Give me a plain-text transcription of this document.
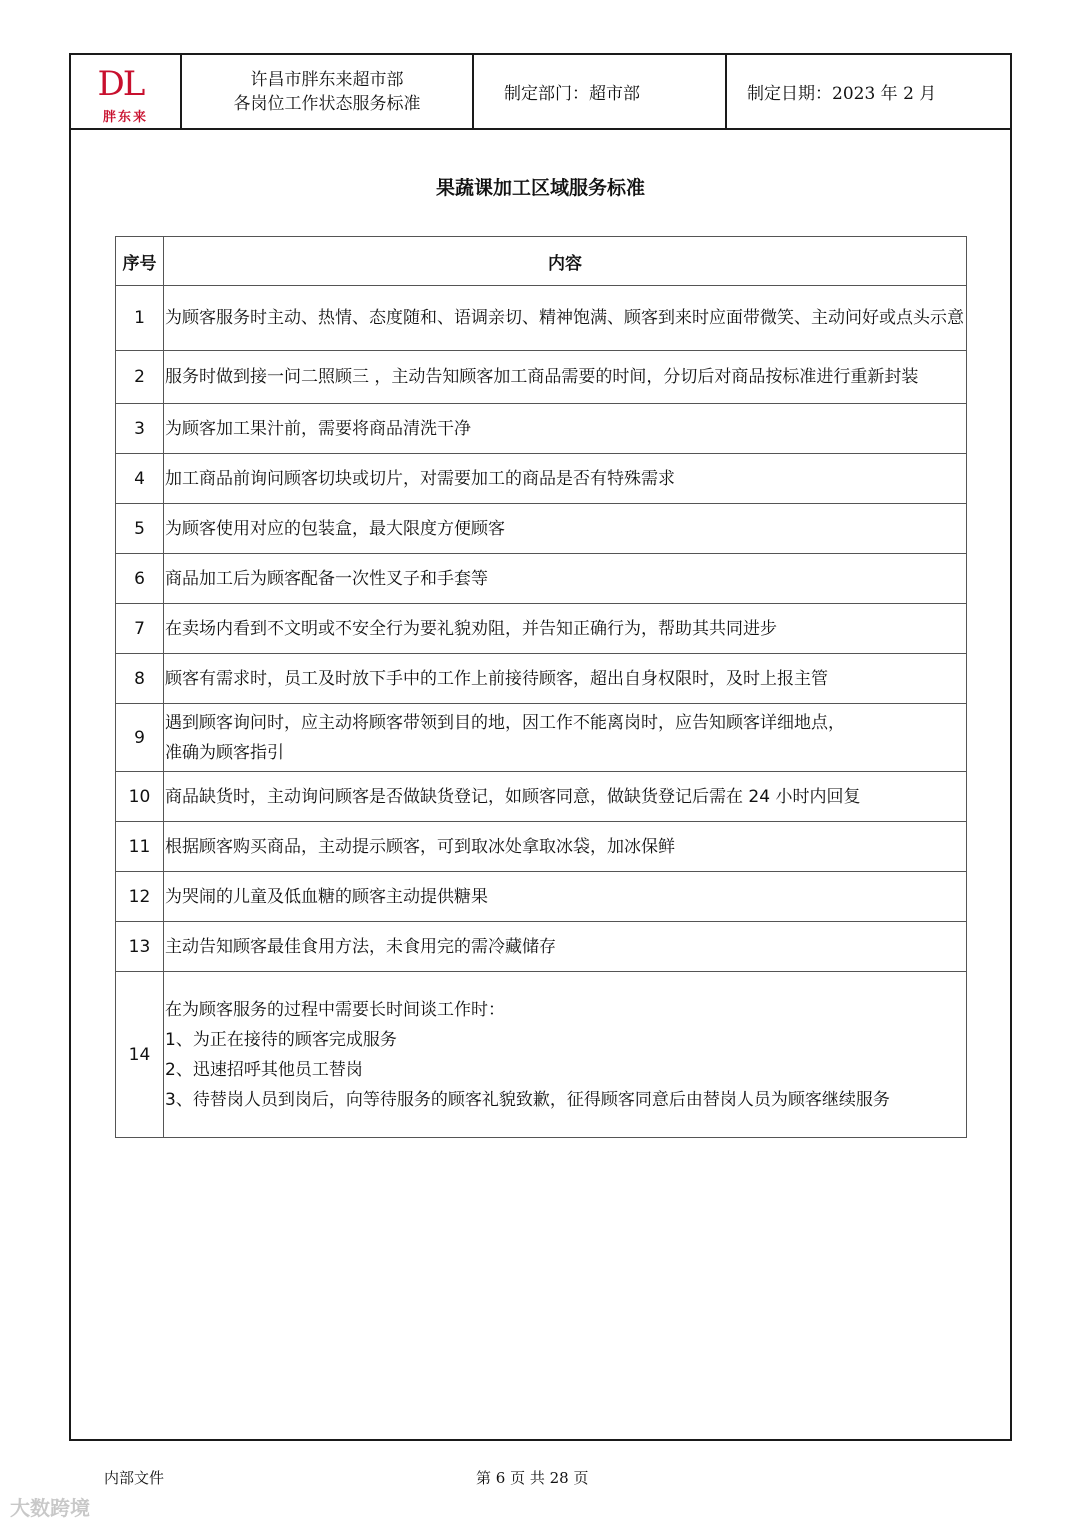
DL
胖东来
许昌市胖东来超市部
各岗位工作状态服务标准	制定部门：超市部	制定日期：2023 年 2 月
果蔬课加工区域服务标准
序号	内容
1	为顾客服务时主动、热情、态度随和、语调亲切、精神饱满、顾客到来时应面带微笑、主动问好或点头示意
2	服务时做到接一问二照顾三 ，主动告知顾客加工商品需要的时间，分切后对商品按标准进行重新封装
3	为顾客加工果汁前，需要将商品清洗干净
4	加工商品前询问顾客切块或切片，对需要加工的商品是否有特殊需求
5	为顾客使用对应的包装盒，最大限度方便顾客
6	商品加工后为顾客配备一次性叉子和手套等
7	在卖场内看到不文明或不安全行为要礼貌劝阻，并告知正确行为，帮助其共同进步
8	顾客有需求时，员工及时放下手中的工作上前接待顾客，超出自身权限时，及时上报主管
9	遇到顾客询问时，应主动将顾客带领到目的地，因工作不能离岗时，应告知顾客详细地点，
准确为顾客指引
10	商品缺货时，主动询问顾客是否做缺货登记，如顾客同意，做缺货登记后需在 24 小时内回复
11	根据顾客购买商品，主动提示顾客，可到取冰处拿取冰袋，加冰保鲜
12	为哭闹的儿童及低血糖的顾客主动提供糖果
13	主动告知顾客最佳食用方法，未食用完的需冷藏储存
14	在为顾客服务的过程中需要长时间谈工作时：
1、为正在接待的顾客完成服务
2、迅速招呼其他员工替岗
3、待替岗人员到岗后，向等待服务的顾客礼貌致歉，征得顾客同意后由替岗人员为顾客继续服务
内部文件	第 6 页 共 28 页
大数跨境
